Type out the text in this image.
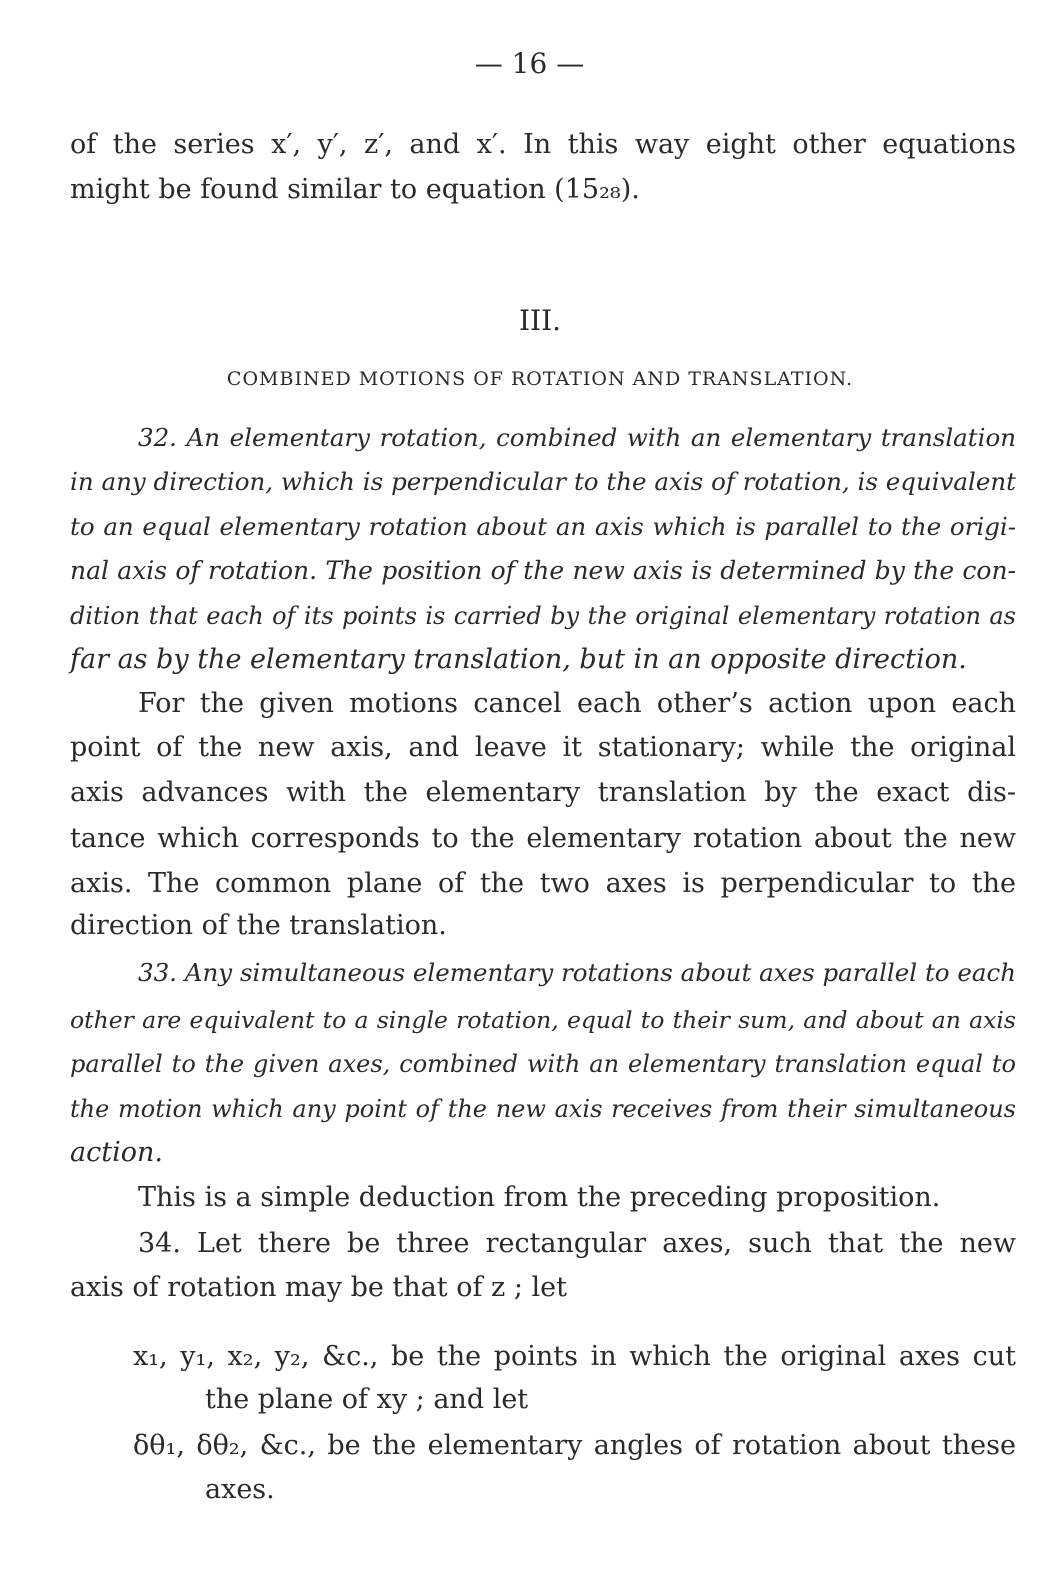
— 16 —
of the series x′, y′, z′, and x′. In this way eight other equations
might be found similar to equation (15₂₈).
III.
COMBINED MOTIONS OF ROTATION AND TRANSLATION.
32. An elementary rotation, combined with an elementary translation
in any direction, which is perpendicular to the axis of rotation, is equivalent
to an equal elementary rotation about an axis which is parallel to the origi-
nal axis of rotation. The position of the new axis is determined by the con-
dition that each of its points is carried by the original elementary rotation as
far as by the elementary translation, but in an opposite direction.
For the given motions cancel each other’s action upon each
point of the new axis, and leave it stationary; while the original
axis advances with the elementary translation by the exact dis-
tance which corresponds to the elementary rotation about the new
axis. The common plane of the two axes is perpendicular to the
direction of the translation.
33. Any simultaneous elementary rotations about axes parallel to each
other are equivalent to a single rotation, equal to their sum, and about an axis
parallel to the given axes, combined with an elementary translation equal to
the motion which any point of the new axis receives from their simultaneous
action.
This is a simple deduction from the preceding proposition.
34. Let there be three rectangular axes, such that the new
axis of rotation may be that of z ; let
x₁, y₁, x₂, y₂, &c., be the points in which the original axes cut
the plane of xy ; and let
δθ₁, δθ₂, &c., be the elementary angles of rotation about these
axes.
